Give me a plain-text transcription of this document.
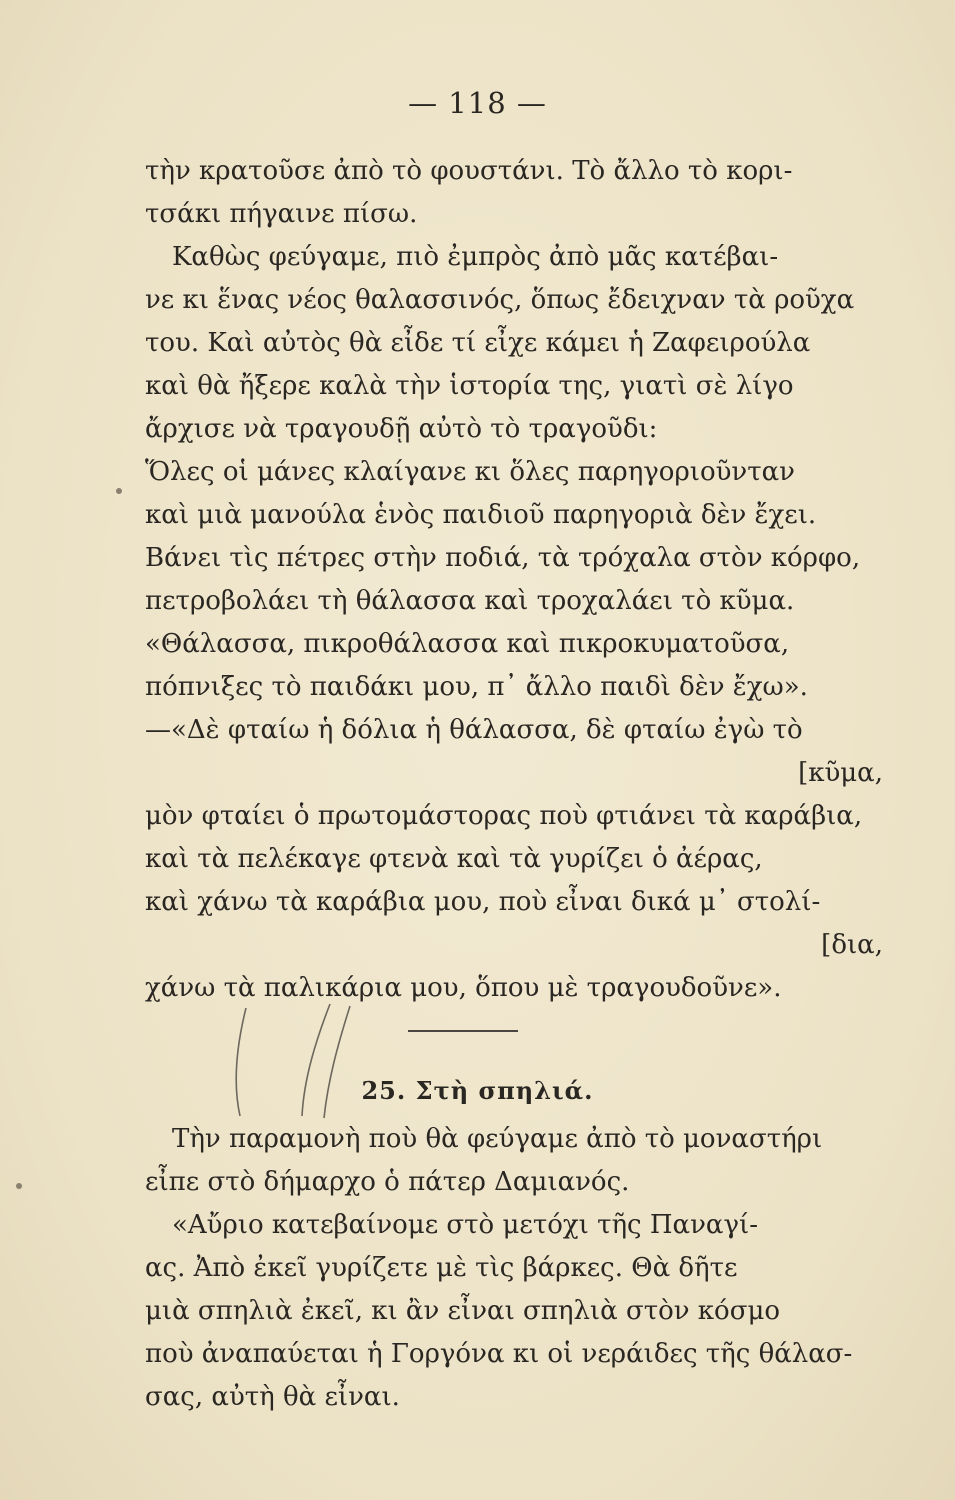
— 118 —
τὴν κρατοῦσε ἀπὸ τὸ φουστάνι. Τὸ ἄλλο τὸ κορι-
τσάκι πήγαινε πίσω.
Καθὼς φεύγαμε, πιὸ ἐμπρὸς ἀπὸ μᾶς κατέβαι-
νε κι ἕνας νέος θαλασσινός, ὅπως ἔδειχναν τὰ ροῦχα
του. Καὶ αὐτὸς θὰ εἶδε τί εἶχε κάμει ἡ Ζαφειρούλα
καὶ θὰ ἤξερε καλὰ τὴν ἱστορία της, γιατὶ σὲ λίγο
ἄρχισε νὰ τραγουδῇ αὐτὸ τὸ τραγοῦδι:
Ὅλες οἱ μάνες κλαίγανε κι ὅλες παρηγοριοῦνταν
καὶ μιὰ μανούλα ἑνὸς παιδιοῦ παρηγοριὰ δὲν ἔχει.
Βάνει τὶς πέτρες στὴν ποδιά, τὰ τρόχαλα στὸν κόρφο,
πετροβολάει τὴ θάλασσα καὶ τροχαλάει τὸ κῦμα.
«Θάλασσα, πικροθάλασσα καὶ πικροκυματοῦσα,
πόπνιξες τὸ παιδάκι μου, π᾿ ἄλλο παιδὶ δὲν ἔχω».
—«Δὲ φταίω ἡ δόλια ἡ θάλασσα, δὲ φταίω ἐγὼ τὸ
[κῦμα,
μὸν φταίει ὁ πρωτομάστορας ποὺ φτιάνει τὰ καράβια,
καὶ τὰ πελέκαγε φτενὰ καὶ τὰ γυρίζει ὁ ἀέρας,
καὶ χάνω τὰ καράβια μου, ποὺ εἶναι δικά μ᾿ στολί-
[δια,
χάνω τὰ παλικάρια μου, ὅπου μὲ τραγουδοῦνε».
25. Στὴ σπηλιά.
Τὴν παραμονὴ ποὺ θὰ φεύγαμε ἀπὸ τὸ μοναστήρι
εἶπε στὸ δήμαρχο ὁ πάτερ Δαμιανός.
«Αὔριο κατεβαίνομε στὸ μετόχι τῆς Παναγί-
ας. Ἀπὸ ἐκεῖ γυρίζετε μὲ τὶς βάρκες. Θὰ δῆτε
μιὰ σπηλιὰ ἐκεῖ, κι ἂν εἶναι σπηλιὰ στὸν κόσμο
ποὺ ἀναπαύεται ἡ Γοργόνα κι οἱ νεράιδες τῆς θάλασ-
σας, αὐτὴ θὰ εἶναι.
